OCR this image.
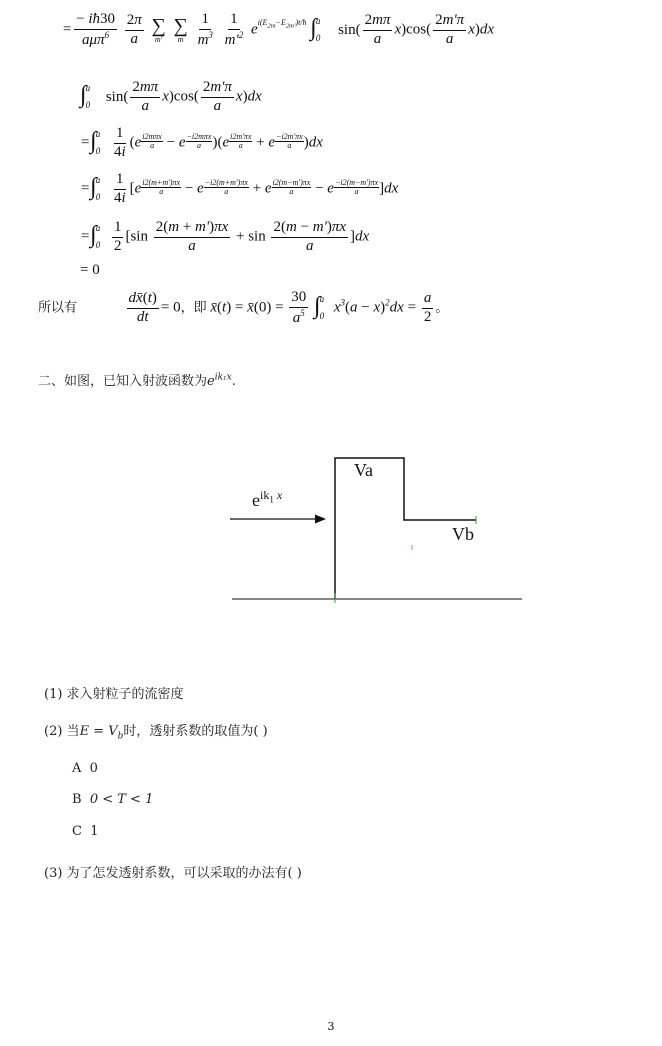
= $\frac{- iħ30}{a\mu\pi^6}$
$\frac{2\pi}{a}$
∑
m'

∑
m
$\frac{1}{m^3}$
$\frac{1}{m'^2}$ $ei(E_{2m}-E_{2m'})t/ħ$ ∫ a
0
$\sin( \frac{2m\pi}{a} x)\cos( \frac{2m'\pi}{a} x)dx$
∫ a
0
$\sin( \frac{2m\pi}{a} x)\cos( \frac{2m'\pi}{a} x)dx$
=∫ a
0
$\frac{1}{4i} (e$ i2mπx
a − e −i2mπx
a )$(e \frac{i2m'\pi x}{a} + e \frac{-i2m'\pi x}{a} )dx$
=∫ a
0
$\frac{1}{4i} [e \frac{i2(m+m')\pi x}{a} - e \frac{-i2(m+m')\pi x}{a} + e \frac{i2(m-m')\pi x}{a} - e \frac{-i2(m-m')\pi x}{a} ]dx$
=∫ a
0
$\frac{1}{2} [\sin \frac{2(m + m')\pi x}{a} + \sin \frac{2(m - m')\pi x}{a} ]dx$
= 0
所以有	$\frac{dx̄(t)}{dt} = 0$，即 x̄(t) = x̄(0) = $\frac{30}{a^5}$ ∫ a
0
$x^3(a - x)^2dx = \frac{a}{2}$ 。
二、如图，已知入射波函数为$e^{ik_1x}$.
$e^{ik_1 x}$
Va
Vb
(1) 求入射粒子的流密度
(2) 当$E = V_b$时，透射系数的取值为( )
A 0
B 0 < T < 1
C 1
(3) 为了怎发透射系数，可以采取的办法有( )
3
